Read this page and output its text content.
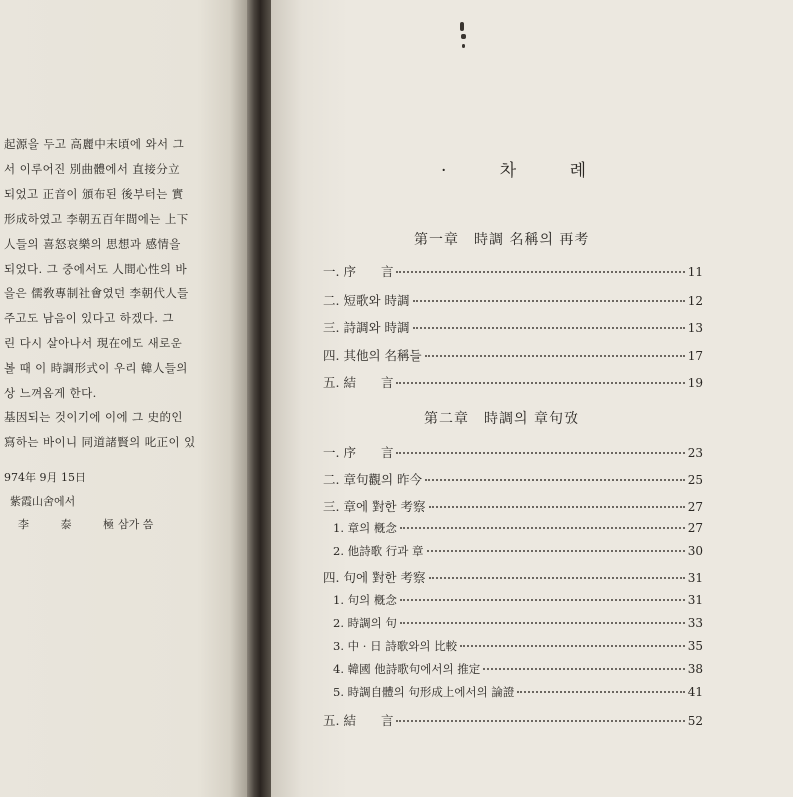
起源을 두고 高麗中末頃에 와서 그
서 이루어진 別曲體에서 直接分立
되었고 正音이 頒布된 後부터는 實
形成하였고 李朝五百年間에는 上下
人들의 喜怒哀樂의 思想과 感情을
되었다. 그 중에서도 人間心性의 바
을은 儒敎專制社會였던 李朝代人들
주고도 남음이 있다고 하겠다. 그
린 다시 살아나서 現在에도 새로운
볼 때 이 時調形式이 우리 韓人들의
상 느껴옴게 한다.
基因되는 것이기에 이에 그 史的인
寫하는 바이니 同道諸賢의 叱正이 있
974年 9月 15日
紫霞山舍에서
李 泰 極
삼가 씀
· 차 례
第一章　時調 名稱의 再考
一. 序　　言	11
二. 短歌와 時調	12
三. 詩調와 時調	13
四. 其他의 名稱들	17
五. 結　　言	19
第二章　時調의 章句攷
一. 序　　言	23
二. 章句觀의 昨今	25
三. 章에 對한 考察	27
1. 章의 槪念	27
2. 他詩歌 行과 章	30
四. 句에 對한 考察	31
1. 句의 槪念	31
2. 時調의 句	33
3. 中 · 日 詩歌와의 比較	35
4. 韓國 他詩歌句에서의 推定	38
5. 時調自體의 句形成上에서의 論證	41
五. 結　　言	52
